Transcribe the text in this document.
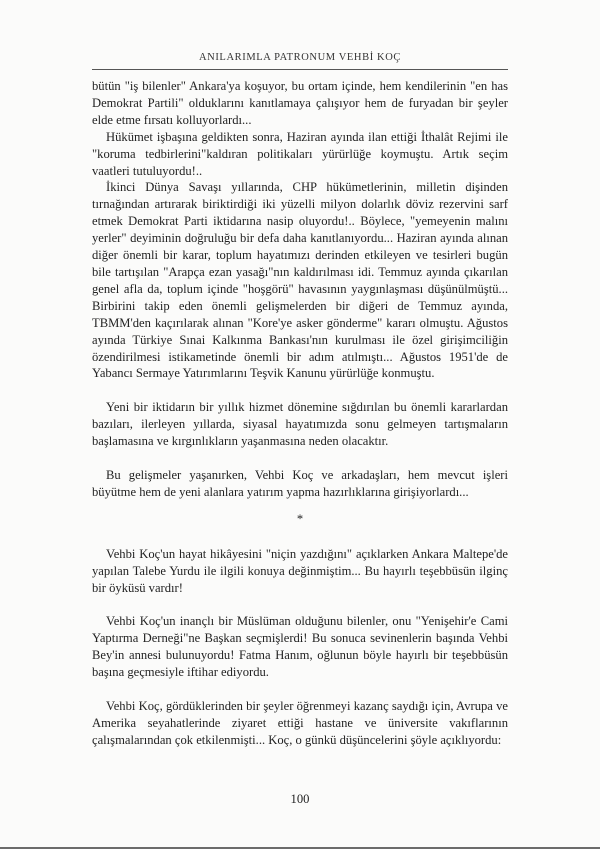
ANILARIMLA PATRONUM VEHBİ KOÇ

bütün "iş bilenler" Ankara'ya koşuyor, bu ortam içinde, hem kendilerinin "en has Demokrat Partili" olduklarını kanıtlamaya çalışıyor hem de furyadan bir şeyler elde etme fırsatı kolluyorlardı...

Hükümet işbaşına geldikten sonra, Haziran ayında ilan ettiği İthalât Rejimi ile "koruma tedbirlerini"kaldıran politikaları yürürlüğe koymuştu. Artık seçim vaatleri tutuluyordu!..

İkinci Dünya Savaşı yıllarında, CHP hükümetlerinin, milletin dişinden tırnağından artırarak biriktirdiği iki yüzelli milyon dolarlık döviz rezervini sarf etmek Demokrat Parti iktidarına nasip oluyordu!.. Böylece, "yemeyenin malını yerler" deyiminin doğruluğu bir defa daha kanıtlanıyordu... Haziran ayında alınan diğer önemli bir karar, toplum hayatımızı derinden etkileyen ve tesirleri bugün bile tartışılan "Arapça ezan yasağı"nın kaldırılması idi. Temmuz ayında çıkarılan genel afla da, toplum içinde "hoşgörü" havasının yaygınlaşması düşünülmüştü... Birbirini takip eden önemli gelişmelerden bir diğeri de Temmuz ayında, TBMM'den kaçırılarak alınan "Kore'ye asker gönderme" kararı olmuştu. Ağustos ayında Türkiye Sınai Kalkınma Bankası'nın kurulması ile özel girişimciliğin özendirilmesi istikametinde önemli bir adım atılmıştı... Ağustos 1951'de de Yabancı Sermaye Yatırımlarını Teşvik Kanunu yürürlüğe konmuştu.

Yeni bir iktidarın bir yıllık hizmet dönemine sığdırılan bu önemli kararlardan bazıları, ilerleyen yıllarda, siyasal hayatımızda sonu gelmeyen tartışmaların başlamasına ve kırgınlıkların yaşanmasına neden olacaktır.

Bu gelişmeler yaşanırken, Vehbi Koç ve arkadaşları, hem mevcut işleri büyütme hem de yeni alanlara yatırım yapma hazırlıklarına girişiyorlardı...

*

Vehbi Koç'un hayat hikâyesini "niçin yazdığını" açıklarken Ankara Maltepe'de yapılan Talebe Yurdu ile ilgili konuya değinmiştim... Bu hayırlı teşebbüsün ilginç bir öyküsü vardır!

Vehbi Koç'un inançlı bir Müslüman olduğunu bilenler, onu "Yenişehir'e Cami Yaptırma Derneği"ne Başkan seçmişlerdi! Bu sonuca sevinenlerin başında Vehbi Bey'in annesi bulunuyordu! Fatma Hanım, oğlunun böyle hayırlı bir teşebbüsün başına geçmesiyle iftihar ediyordu.

Vehbi Koç, gördüklerinden bir şeyler öğrenmeyi kazanç saydığı için, Avrupa ve Amerika seyahatlerinde ziyaret ettiği hastane ve üniversite vakıflarının çalışmalarından çok etkilenmişti... Koç, o günkü düşüncelerini şöyle açıklıyordu:

100
